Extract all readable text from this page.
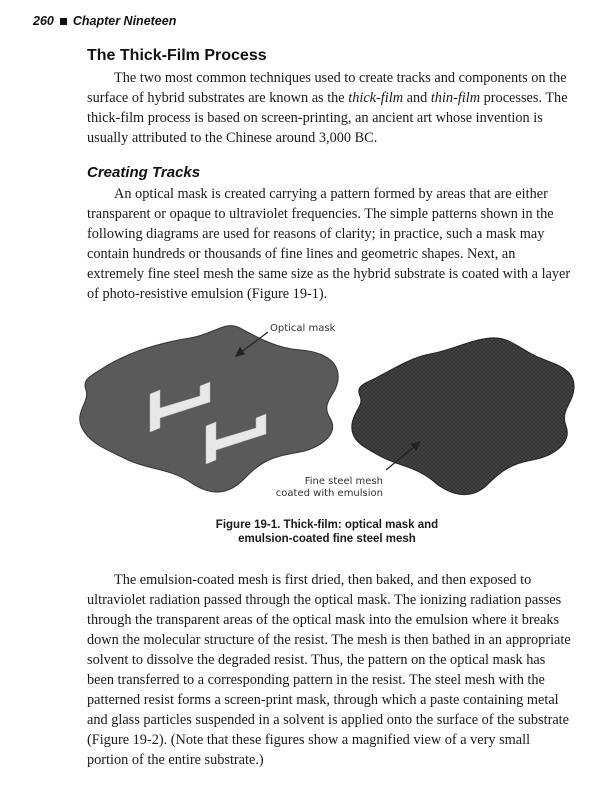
260 Chapter Nineteen
The Thick-Film Process

The two most common techniques used to create tracks and components on the surface of hybrid substrates are known as the thick-film and thin-film processes. The thick-film process is based on screen-printing, an ancient art whose invention is usually attributed to the Chinese around 3,000 BC.

Creating Tracks

An optical mask is created carrying a pattern formed by areas that are either transparent or opaque to ultraviolet frequencies. The simple patterns shown in the following diagrams are used for reasons of clarity; in practice, such a mask may contain hundreds or thousands of fine lines and geometric shapes. Next, an extremely fine steel mesh the same size as the hybrid substrate is coated with a layer of photo-resistive emulsion (Figure 19-1).

Optical mask
Fine steel mesh
coated with emulsion
Figure 19-1. Thick-film: optical mask and
emulsion-coated fine steel mesh

The emulsion-coated mesh is first dried, then baked, and then exposed to ultraviolet radiation passed through the optical mask. The ionizing radiation passes through the transparent areas of the optical mask into the emulsion where it breaks down the molecular structure of the resist. The mesh is then bathed in an appropriate solvent to dissolve the degraded resist. Thus, the pattern on the optical mask has been transferred to a corresponding pattern in the resist. The steel mesh with the patterned resist forms a screen-print mask, through which a paste containing metal and glass particles suspended in a solvent is applied onto the surface of the substrate (Figure 19-2). (Note that these figures show a magnified view of a very small portion of the entire substrate.)
